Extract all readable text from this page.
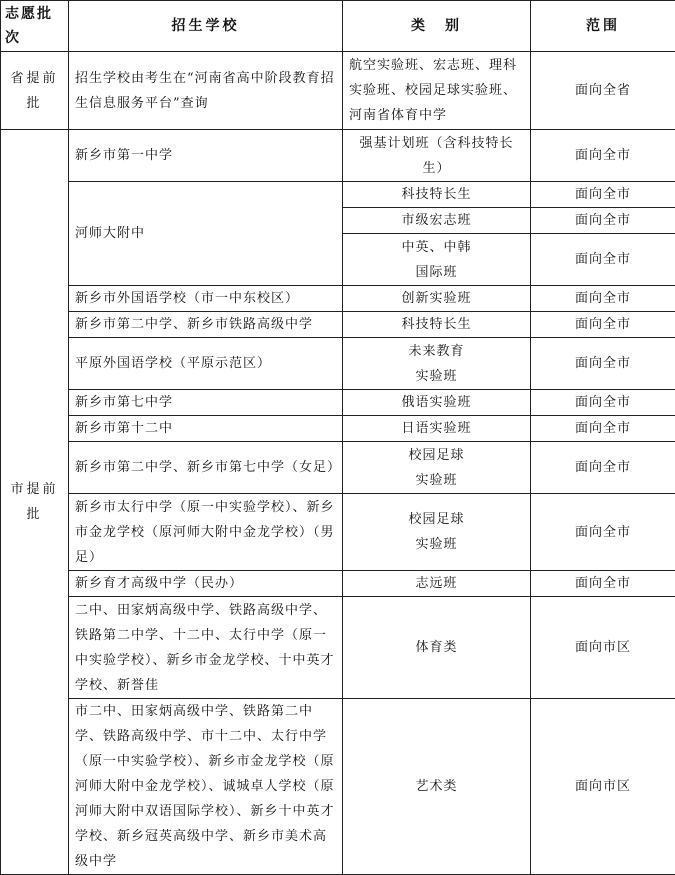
志愿批次	招生学校	类　别	范围
省提前批	招生学校由考生在“河南省高中阶段教育招生信息服务平台”查询	航空实验班、宏志班、理科实验班、校园足球实验班、河南省体育中学	面向全省
市提前批	新乡市第一中学	强基计划班（含科技特长生）	面向全市
	河师大附中	科技特长生	面向全市
		市级宏志班	面向全市
		中英、中韩国际班	面向全市
	新乡市外国语学校（市一中东校区）	创新实验班	面向全市
	新乡市第二中学、新乡市铁路高级中学	科技特长生	面向全市
	平原外国语学校（平原示范区）	未来教育实验班	面向全市
	新乡市第七中学	俄语实验班	面向全市
	新乡市第十二中	日语实验班	面向全市
	新乡市第二中学、新乡市第七中学（女足）	校园足球实验班	面向全市
	新乡市太行中学（原一中实验学校）、新乡市金龙学校（原河师大附中金龙学校）（男足）	校园足球实验班	面向全市
	新乡育才高级中学（民办）	志远班	面向全市
	二中、田家炳高级中学、铁路高级中学、铁路第二中学、十二中、太行中学（原一中实验学校）、新乡市金龙学校、十中英才学校、新誉佳	体育类	面向市区
	市二中、田家炳高级中学、铁路第二中学、铁路高级中学、市十二中、太行中学（原一中实验学校）、新乡市金龙学校（原河师大附中金龙学校）、诚城卓人学校（原河师大附中双语国际学校）、新乡十中英才学校、新乡冠英高级中学、新乡市美术高级中学	艺术类	面向市区
